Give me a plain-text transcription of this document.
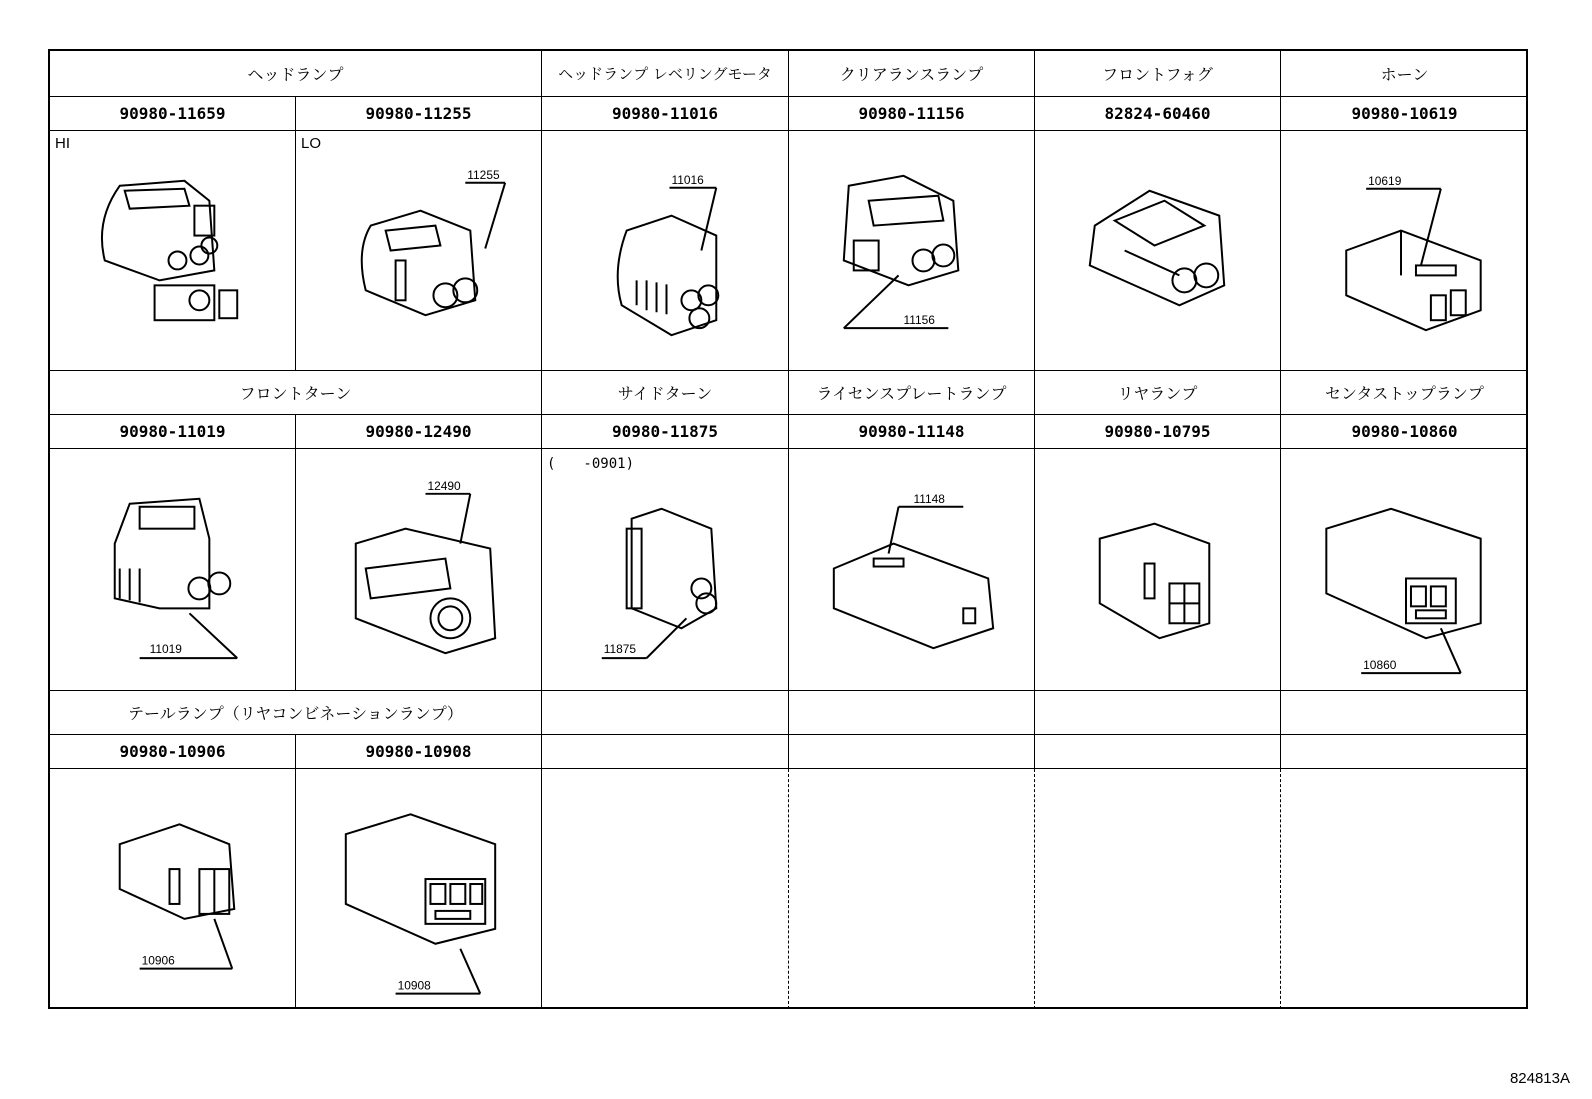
ヘッドランプ	ヘッドランプ レベリングモータ	クリアランスランプ	フロントフォグ	ホーン
90980-11659	90980-11255	90980-11016	90980-11156	82824-60460	90980-10619
HI	LO
11255	11016
11156
10619
フロントターン	サイドターン	ライセンスプレートランプ	リヤランプ	センタストップランプ
90980-11019	90980-12490	90980-11875	90980-11148	90980-10795	90980-10860
11019
12490
(　　-0901)
11875
11148
10860
テールランプ（リヤコンビネーションランプ）
90980-10906	90980-10908
10906
10908
824813A
